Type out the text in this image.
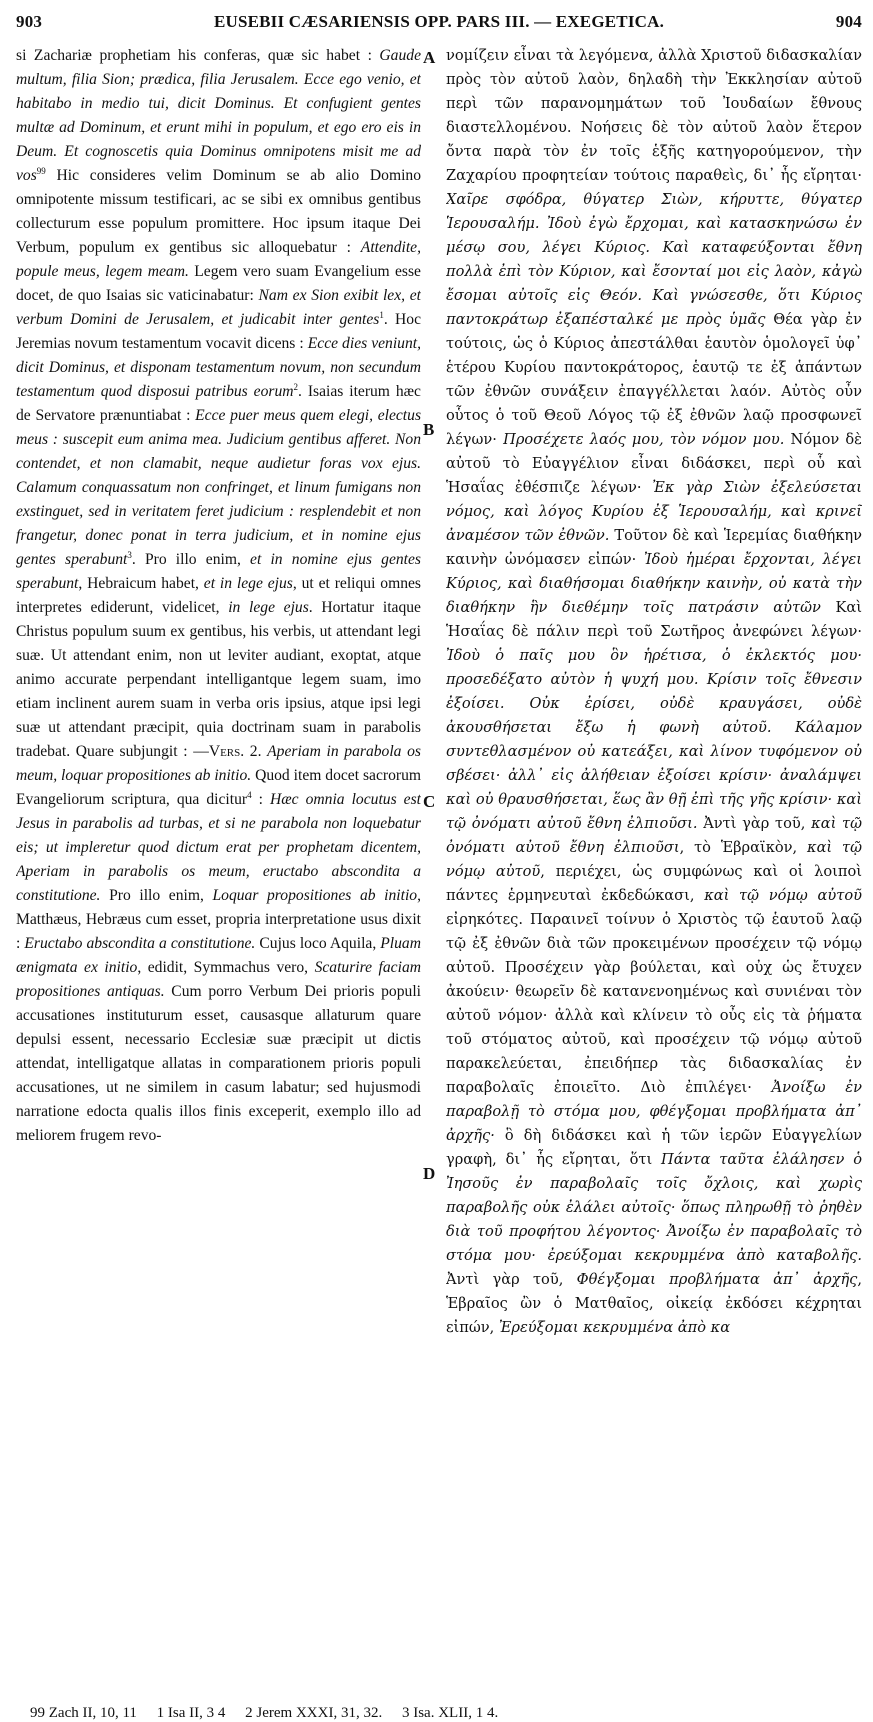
903	EUSEBII CÆSARIENSIS OPP. PARS III. — EXEGETICA.	904

si Zachariæ prophetiam his conferas, quæ sic habet : Gaude multum, filia Sion; prædica, filia Jerusalem. Ecce ego venio, et habitabo in medio tui, dicit Dominus. Et confugient gentes multæ ad Dominum, et erunt mihi in populum, et ego ero eis in Deum. Et cognoscetis quia Dominus omnipotens misit me ad vos$^{99}$ Hic consideres velim Dominum se ab alio Domino omnipotente missum testificari, ac se sibi ex omnibus gentibus collecturum esse populum promittere. Hoc ipsum itaque Dei Verbum, populum ex gentibus sic alloquebatur : Attendite, popule meus, legem meam. Legem vero suam Evangelium esse docet, de quo Isaias sic vaticinabatur: Nam ex Sion exibit lex, et verbum Domini de Jerusalem, et judicabit inter gentes$^1$. Hoc Jeremias novum testamentum vocavit dicens : Ecce dies veniunt, dicit Dominus, et disponam testamentum novum, non secundum testamentum quod disposui patribus eorum$^2$. Isaias iterum hæc de Servatore prænuntiabat : Ecce puer meus quem elegi, electus meus : suscepit eum anima mea. Judicium gentibus afferet. Non contendet, et non clamabit, neque audietur foras vox ejus. Calamum conquassatum non confringet, et linum fumigans non exstinguet, sed in veritatem feret judicium : resplendebit et non frangetur, donec ponat in terra judicium, et in nomine ejus gentes sperabunt$^3$. Pro illo enim, et in nomine ejus gentes sperabunt, Hebraicum habet, et in lege ejus, ut et reliqui omnes interpretes ediderunt, videlicet, in lege ejus. Hortatur itaque Christus populum suum ex gentibus, his verbis, ut attendant legi suæ. Ut attendant enim, non ut leviter audiant, exoptat, atque animo accurate perpendant intelligantque legem suam, imo etiam inclinent aurem suam in verba oris ipsius, atque ipsi legi suæ ut attendant præcipit, quia doctrinam suam in parabolis tradebat. Quare subjungit : —Vers. 2. Aperiam in parabola os meum, loquar propositiones ab initio. Quod item docet sacrorum Evangeliorum scriptura, qua dicitur$^4$ : Hæc omnia locutus est Jesus in parabolis ad turbas, et si ne parabola non loquebatur eis; ut impleretur quod dictum erat per prophetam dicentem, Aperiam in parabolis os meum, eructabo abscondita a constitutione. Pro illo enim, Loquar propositiones ab initio, Matthæus, Hebræus cum esset, propria interpretatione usus dixit : Eructabo abscondita a constitutione. Cujus loco Aquila, Pluam ænigmata ex initio, edidit, Symmachus vero, Scaturire faciam propositiones antiquas. Cum porro Verbum Dei prioris populi accusationes instituturum esset, causasque allaturum quare depulsi essent, necessario Ecclesiæ suæ præcipit ut dictis attendat, intelligatque allatas in comparationem prioris populi accusationes, ut ne similem in casum labatur; sed hujusmodi narratione edocta qualis illos finis exceperit, exemplo illo ad meliorem frugem revo-

νομίζειν εἶναι τὰ λεγόμενα, ἀλλὰ Χριστοῦ διδασκαλίαν πρὸς τὸν αὐτοῦ λαὸν, δηλαδὴ τὴν Ἐκκλησίαν αὐτοῦ περὶ τῶν παρανομημάτων τοῦ Ἰουδαίων ἔθνους διαστελλομένου. Νοήσεις δὲ τὸν αὐτοῦ λαὸν ἕτερον ὄντα παρὰ τὸν ἐν τοῖς ἑξῆς κατηγορούμενον, τὴν Ζαχαρίου προφητείαν τούτοις παραθεὶς, δι᾽ ἧς εἴρηται· Χαῖρε σφόδρα, θύγατερ Σιὼν, κήρυττε, θύγατερ Ἱερουσαλήμ. Ἰδοὺ ἐγὼ ἔρχομαι, καὶ κατασκηνώσω ἐν μέσῳ σου, λέγει Κύριος. Καὶ καταφεύξονται ἔθνη πολλὰ ἐπὶ τὸν Κύριον, καὶ ἔσονταί μοι εἰς λαὸν, κἀγὼ ἔσομαι αὐτοῖς εἰς Θεόν. Καὶ γνώσεσθε, ὅτι Κύριος παντοκράτωρ ἐξαπέσταλκέ με πρὸς ὑμᾶς Θέα γὰρ ἐν τούτοις, ὡς ὁ Κύριος ἀπεστάλθαι ἑαυτὸν ὁμολογεῖ ὑφ᾽ ἑτέρου Κυρίου παντοκράτορος, ἑαυτῷ τε ἐξ ἁπάντων τῶν ἐθνῶν συνάξειν ἐπαγγέλλεται λαόν. Αὐτὸς οὖν οὗτος ὁ τοῦ Θεοῦ Λόγος τῷ ἐξ ἐθνῶν λαῷ προσφωνεῖ λέγων· Προσέχετε λαός μου, τὸν νόμον μου. Νόμον δὲ αὐτοῦ τὸ Εὐαγγέλιον εἶναι διδάσκει, περὶ οὗ καὶ Ἡσαΐας ἐθέσπιζε λέγων· Ἐκ γὰρ Σιὼν ἐξελεύσεται νόμος, καὶ λόγος Κυρίου ἐξ Ἱερουσαλήμ, καὶ κρινεῖ ἀναμέσον τῶν ἐθνῶν. Τοῦτον δὲ καὶ Ἱερεμίας διαθήκην καινὴν ὠνόμασεν εἰπών· Ἰδοὺ ἡμέραι ἔρχονται, λέγει Κύριος, καὶ διαθήσομαι διαθήκην καινὴν, οὐ κατὰ τὴν διαθήκην ἣν διεθέμην τοῖς πατράσιν αὐτῶν Καὶ Ἡσαΐας δὲ πάλιν περὶ τοῦ Σωτῆρος ἀνεφώνει λέγων· Ἰδοὺ ὁ παῖς μου ὃν ἡρέτισα, ὁ ἐκλεκτός μου· προσεδέξατο αὐτὸν ἡ ψυχή μου. Κρίσιν τοῖς ἔθνεσιν ἐξοίσει. Οὐκ ἐρίσει, οὐδὲ κραυγάσει, οὐδὲ ἀκουσθήσεται ἔξω ἡ φωνὴ αὐτοῦ. Κάλαμον συντεθλασμένον οὐ κατεάξει, καὶ λίνον τυφόμενον οὐ σβέσει· ἀλλ᾽ εἰς ἀλήθειαν ἐξοίσει κρίσιν· ἀναλάμψει καὶ οὐ θραυσθήσεται, ἕως ἂν θῇ ἐπὶ τῆς γῆς κρίσιν· καὶ τῷ ὀνόματι αὐτοῦ ἔθνη ἐλπιοῦσι. Ἀντὶ γὰρ τοῦ, καὶ τῷ ὀνόματι αὐτοῦ ἔθνη ἐλπιοῦσι, τὸ Ἑβραϊκὸν, καὶ τῷ νόμῳ αὐτοῦ, περιέχει, ὡς συμφώνως καὶ οἱ λοιποὶ πάντες ἑρμηνευταὶ ἐκδεδώκασι, καὶ τῷ νόμῳ αὐτοῦ εἰρηκότες. Παραινεῖ τοίνυν ὁ Χριστὸς τῷ ἑαυτοῦ λαῷ τῷ ἐξ ἐθνῶν διὰ τῶν προκειμένων προσέχειν τῷ νόμῳ αὐτοῦ. Προσέχειν γὰρ βούλεται, καὶ οὐχ ὡς ἔτυχεν ἀκούειν· θεωρεῖν δὲ κατανενοημένως καὶ συνιέναι τὸν αὐτοῦ νόμον· ἀλλὰ καὶ κλίνειν τὸ οὖς εἰς τὰ ῥήματα τοῦ στόματος αὐτοῦ, καὶ προσέχειν τῷ νόμῳ αὐτοῦ παρακελεύεται, ἐπειδήπερ τὰς διδασκαλίας ἐν παραβολαῖς ἐποιεῖτο. Διὸ ἐπιλέγει· Ἀνοίξω ἐν παραβολῇ τὸ στόμα μου, φθέγξομαι προβλήματα ἀπ᾽ ἀρχῆς· ὃ δὴ διδάσκει καὶ ἡ τῶν ἱερῶν Εὐαγγελίων γραφὴ, δι᾽ ἧς εἴρηται, ὅτι Πάντα ταῦτα ἐλάλησεν ὁ Ἰησοῦς ἐν παραβολαῖς τοῖς ὄχλοις, καὶ χωρὶς παραβολῆς οὐκ ἐλάλει αὐτοῖς· ὅπως πληρωθῇ τὸ ῥηθὲν διὰ τοῦ προφήτου λέγοντος· Ἀνοίξω ἐν παραβολαῖς τὸ στόμα μου· ἐρεύξομαι κεκρυμμένα ἀπὸ καταβολῆς. Ἀντὶ γὰρ τοῦ, Φθέγξομαι προβλήματα ἀπ᾽ ἀρχῆς, Ἑβραῖος ὢν ὁ Ματθαῖος, οἰκείᾳ ἐκδόσει κέχρηται εἰπών, Ἐρεύξομαι κεκρυμμένα ἀπὸ κα

A
B
C
D
99 Zach II, 10, 11 1 Isa II, 3 4 2 Jerem XXXI, 31, 32. 3 Isa. XLII, 1 4.
